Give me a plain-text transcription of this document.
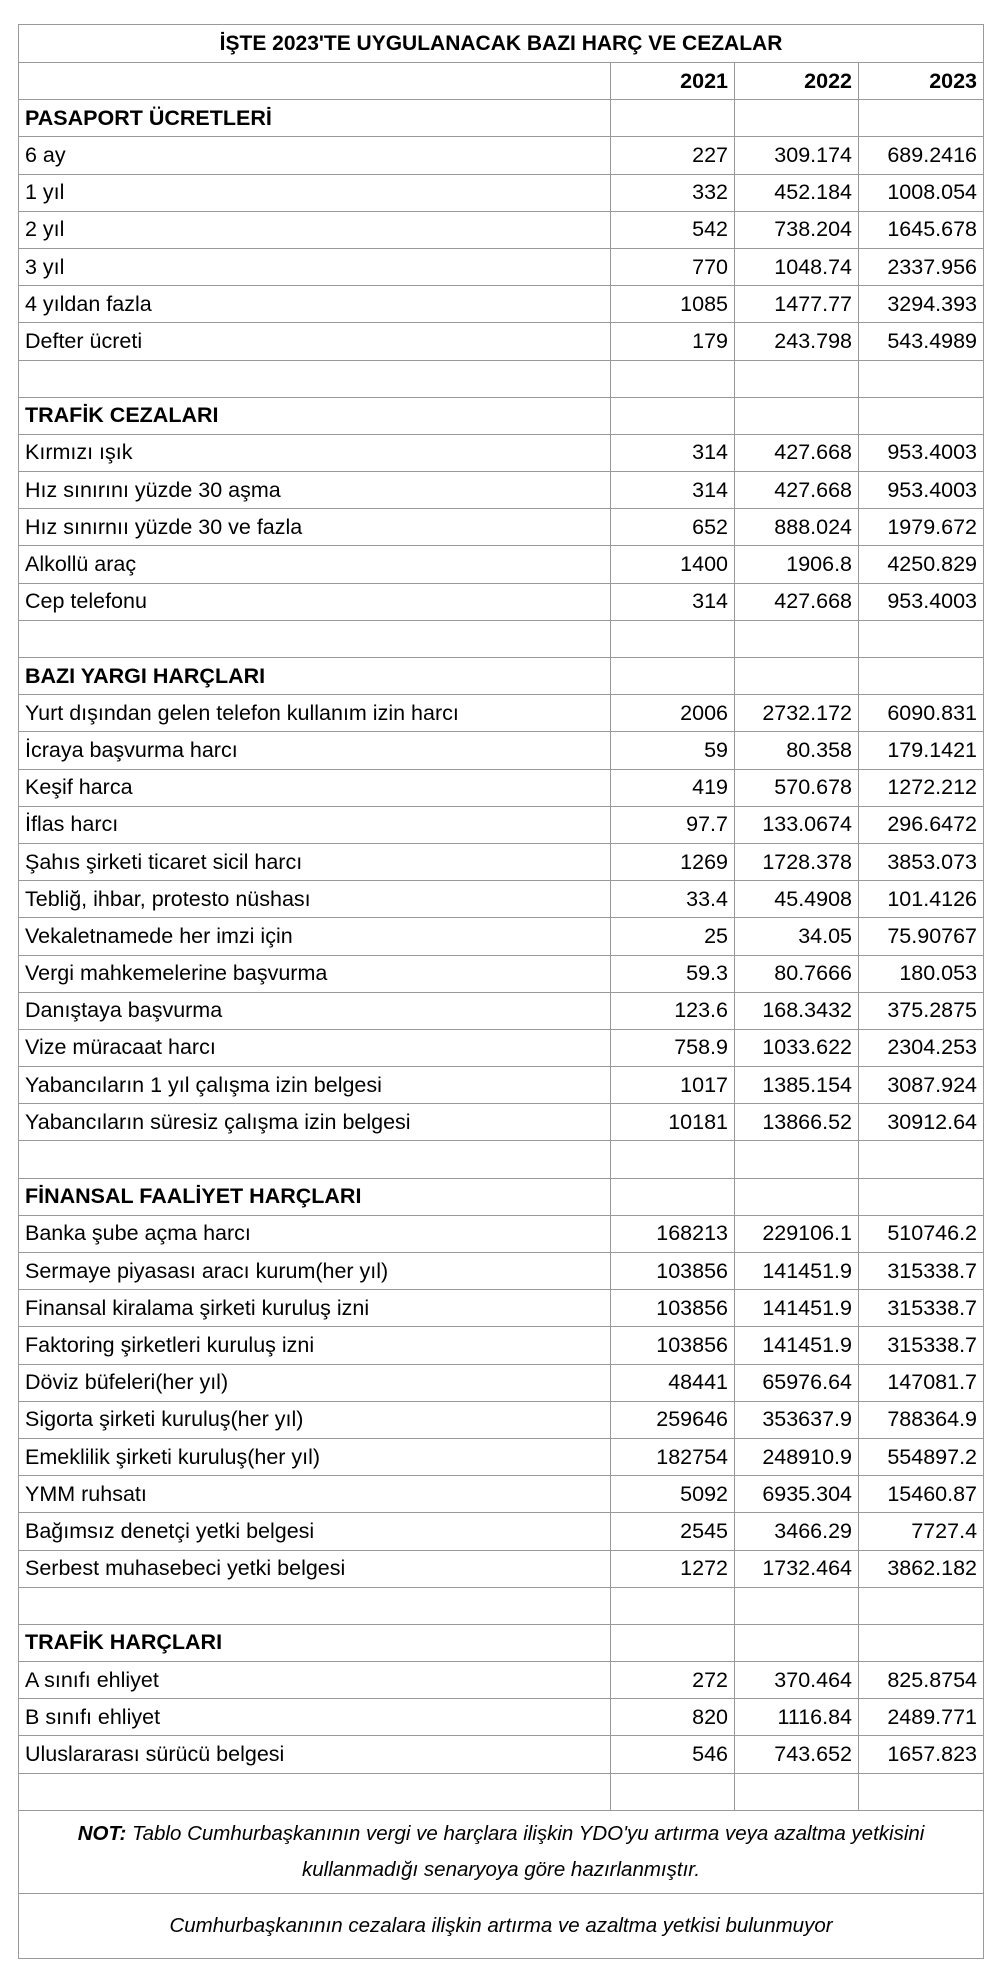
İŞTE 2023'TE UYGULANACAK BAZI HARÇ VE CEZALAR			
	2021	2022	2023
PASAPORT ÜCRETLERİ			
6 ay	227	309.174	689.2416
1 yıl	332	452.184	1008.054
2 yıl	542	738.204	1645.678
3 yıl	770	1048.74	2337.956
4 yıldan fazla	1085	1477.77	3294.393
Defter ücreti	179	243.798	543.4989

TRAFİK CEZALARI			
Kırmızı ışık	314	427.668	953.4003
Hız sınırını yüzde 30 aşma	314	427.668	953.4003
Hız sınırnıı yüzde 30 ve fazla	652	888.024	1979.672
Alkollü araç	1400	1906.8	4250.829
Cep telefonu	314	427.668	953.4003

BAZI YARGI HARÇLARI			
Yurt dışından gelen telefon kullanım izin harcı	2006	2732.172	6090.831
İcraya başvurma harcı	59	80.358	179.1421
Keşif harca	419	570.678	1272.212
İflas harcı	97.7	133.0674	296.6472
Şahıs şirketi ticaret sicil harcı	1269	1728.378	3853.073
Tebliğ, ihbar, protesto nüshası	33.4	45.4908	101.4126
Vekaletnamede her imzi için	25	34.05	75.90767
Vergi mahkemelerine başvurma	59.3	80.7666	180.053
Danıştaya başvurma	123.6	168.3432	375.2875
Vize müracaat harcı	758.9	1033.622	2304.253
Yabancıların 1 yıl çalışma izin belgesi	1017	1385.154	3087.924
Yabancıların süresiz çalışma izin belgesi	10181	13866.52	30912.64

FİNANSAL FAALİYET HARÇLARI			
Banka şube açma harcı	168213	229106.1	510746.2
Sermaye piyasası aracı kurum(her yıl)	103856	141451.9	315338.7
Finansal kiralama şirketi kuruluş izni	103856	141451.9	315338.7
Faktoring şirketleri kuruluş izni	103856	141451.9	315338.7
Döviz büfeleri(her yıl)	48441	65976.64	147081.7
Sigorta şirketi kuruluş(her yıl)	259646	353637.9	788364.9
Emeklilik şirketi kuruluş(her yıl)	182754	248910.9	554897.2
YMM ruhsatı	5092	6935.304	15460.87
Bağımsız denetçi yetki belgesi	2545	3466.29	7727.4
Serbest muhasebeci yetki belgesi	1272	1732.464	3862.182

TRAFİK HARÇLARI			
A sınıfı ehliyet	272	370.464	825.8754
B sınıfı ehliyet	820	1116.84	2489.771
Uluslararası sürücü belgesi	546	743.652	1657.823

NOT: Tablo Cumhurbaşkanının vergi ve harçlara ilişkin YDO'yu artırma veya azaltma yetkisini kullanmadığı senaryoya göre hazırlanmıştır.			
Cumhurbaşkanının cezalara ilişkin artırma ve azaltma yetkisi bulunmuyor			
